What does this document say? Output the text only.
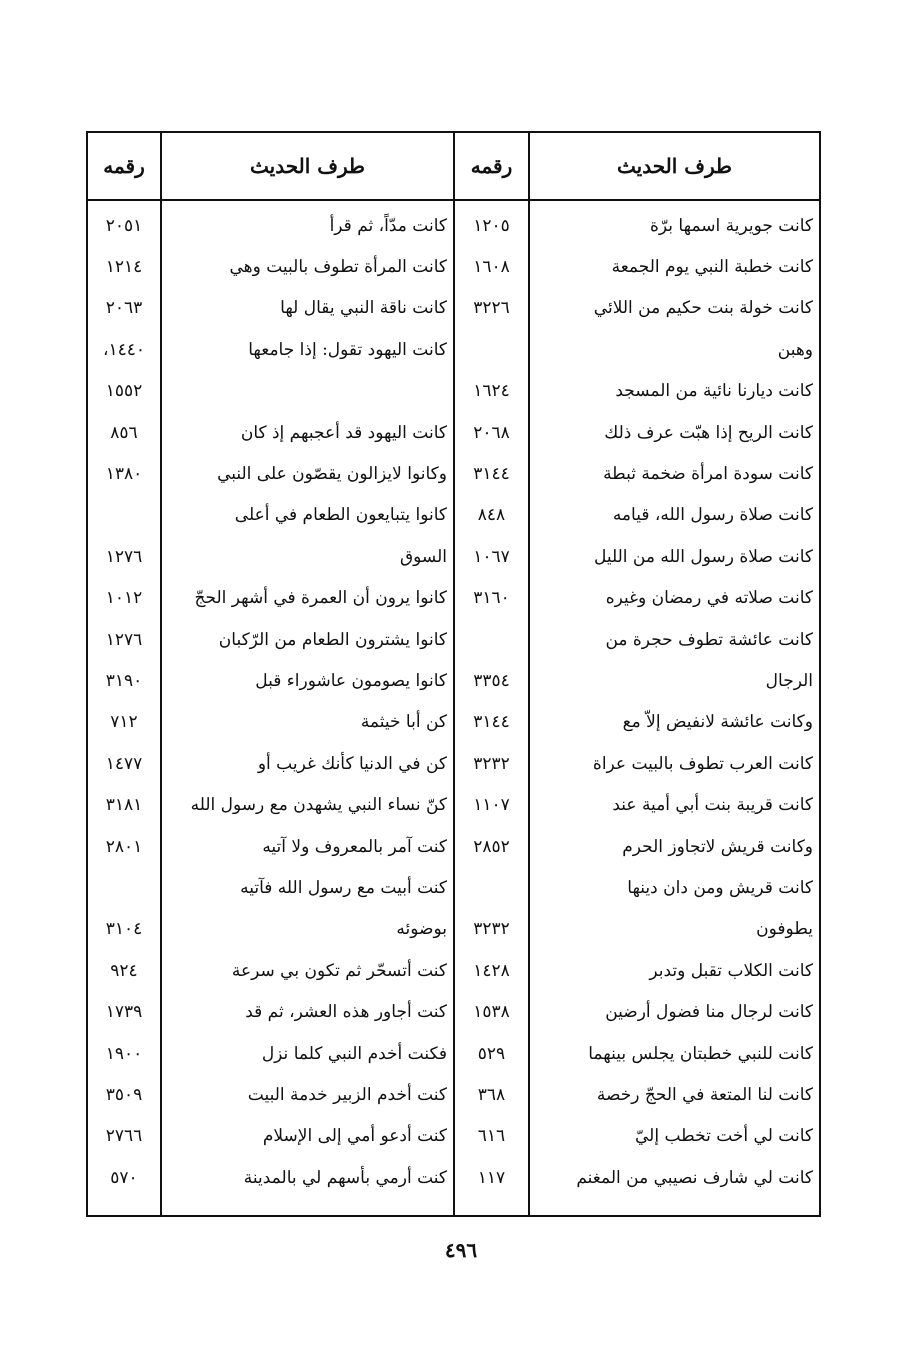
طرف الحديث
رقمه
طرف الحديث
رقمه
كانت جويرية اسمها برّة
١٢٠٥
كانت مدّاً، ثم قرأ
٢٠٥١
كانت خطبة النبي يوم الجمعة
١٦٠٨
كانت المرأة تطوف بالبيت وهي
١٢١٤
كانت خولة بنت حكيم من اللائي
٣٢٢٦
كانت ناقة النبي يقال لها
٢٠٦٣
وهبن
كانت اليهود تقول: إذا جامعها
١٤٤٠،
كانت ديارنا نائية من المسجد
١٦٢٤
١٥٥٢
كانت الريح إذا هبّت عرف ذلك
٢٠٦٨
كانت اليهود قد أعجبهم إذ كان
٨٥٦
كانت سودة امرأة ضخمة ثبطة
٣١٤٤
وكانوا لايزالون يقصّون على النبي
١٣٨٠
كانت صلاة رسول الله، قيامه
٨٤٨
كانوا يتبايعون الطعام في أعلى
كانت صلاة رسول الله من الليل
١٠٦٧
السوق
١٢٧٦
كانت صلاته في رمضان وغيره
٣١٦٠
كانوا يرون أن العمرة في أشهر الحجّ
١٠١٢
كانت عائشة تطوف حجرة من
كانوا يشترون الطعام من الرّكبان
١٢٧٦
الرجال
٣٣٥٤
كانوا يصومون عاشوراء قبل
٣١٩٠
وكانت عائشة لانفيض إلاّ مع
٣١٤٤
كن أبا خيثمة
٧١٢
كانت العرب تطوف بالبيت عراة
٣٢٣٢
كن في الدنيا كأنك غريب أو
١٤٧٧
كانت قريبة بنت أبي أمية عند
١١٠٧
كنّ نساء النبي يشهدن مع رسول الله
٣١٨١
وكانت قريش لاتجاوز الحرم
٢٨٥٢
كنت آمر بالمعروف ولا آتيه
٢٨٠١
كانت قريش ومن دان دينها
كنت أبيت مع رسول الله فآتيه
يطوفون
٣٢٣٢
بوضوئه
٣١٠٤
كانت الكلاب تقبل وتدبر
١٤٢٨
كنت أتسحّر ثم تكون بي سرعة
٩٢٤
كانت لرجال منا فضول أرضين
١٥٣٨
كنت أجاور هذه العشر، ثم قد
١٧٣٩
كانت للنبي خطبتان يجلس بينهما
٥٢٩
فكنت أخدم النبي كلما نزل
١٩٠٠
كانت لنا المتعة في الحجّ رخصة
٣٦٨
كنت أخدم الزبير خدمة البيت
٣٥٠٩
كانت لي أخت تخطب إليّ
٦١٦
كنت أدعو أمي إلى الإسلام
٢٧٦٦
كانت لي شارف نصيبي من المغنم
١١٧
كنت أرمي بأسهم لي بالمدينة
٥٧٠
٤٩٦
